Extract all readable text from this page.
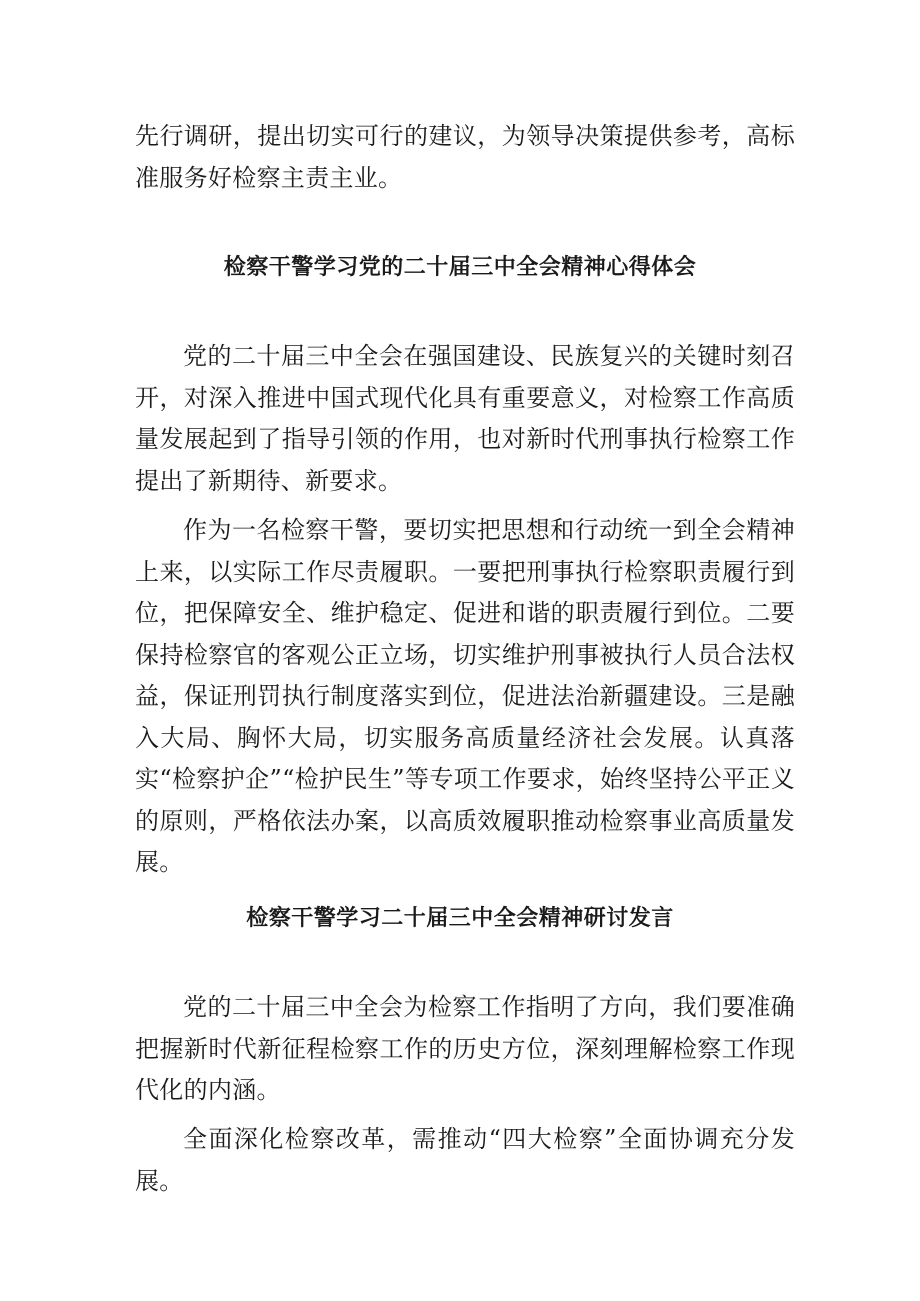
先行调研，提出切实可行的建议，为领导决策提供参考，高标准服务好检察主责主业。

检察干警学习党的二十届三中全会精神心得体会

党的二十届三中全会在强国建设、民族复兴的关键时刻召开，对深入推进中国式现代化具有重要意义，对检察工作高质量发展起到了指导引领的作用，也对新时代刑事执行检察工作提出了新期待、新要求。

作为一名检察干警，要切实把思想和行动统一到全会精神上来，以实际工作尽责履职。一要把刑事执行检察职责履行到位，把保障安全、维护稳定、促进和谐的职责履行到位。二要保持检察官的客观公正立场，切实维护刑事被执行人员合法权益，保证刑罚执行制度落实到位，促进法治新疆建设。三是融入大局、胸怀大局，切实服务高质量经济社会发展。认真落实“检察护企”“检护民生”等专项工作要求，始终坚持公平正义的原则，严格依法办案，以高质效履职推动检察事业高质量发展。

检察干警学习二十届三中全会精神研讨发言

党的二十届三中全会为检察工作指明了方向，我们要准确把握新时代新征程检察工作的历史方位，深刻理解检察工作现代化的内涵。

全面深化检察改革，需推动“四大检察”全面协调充分发展。
